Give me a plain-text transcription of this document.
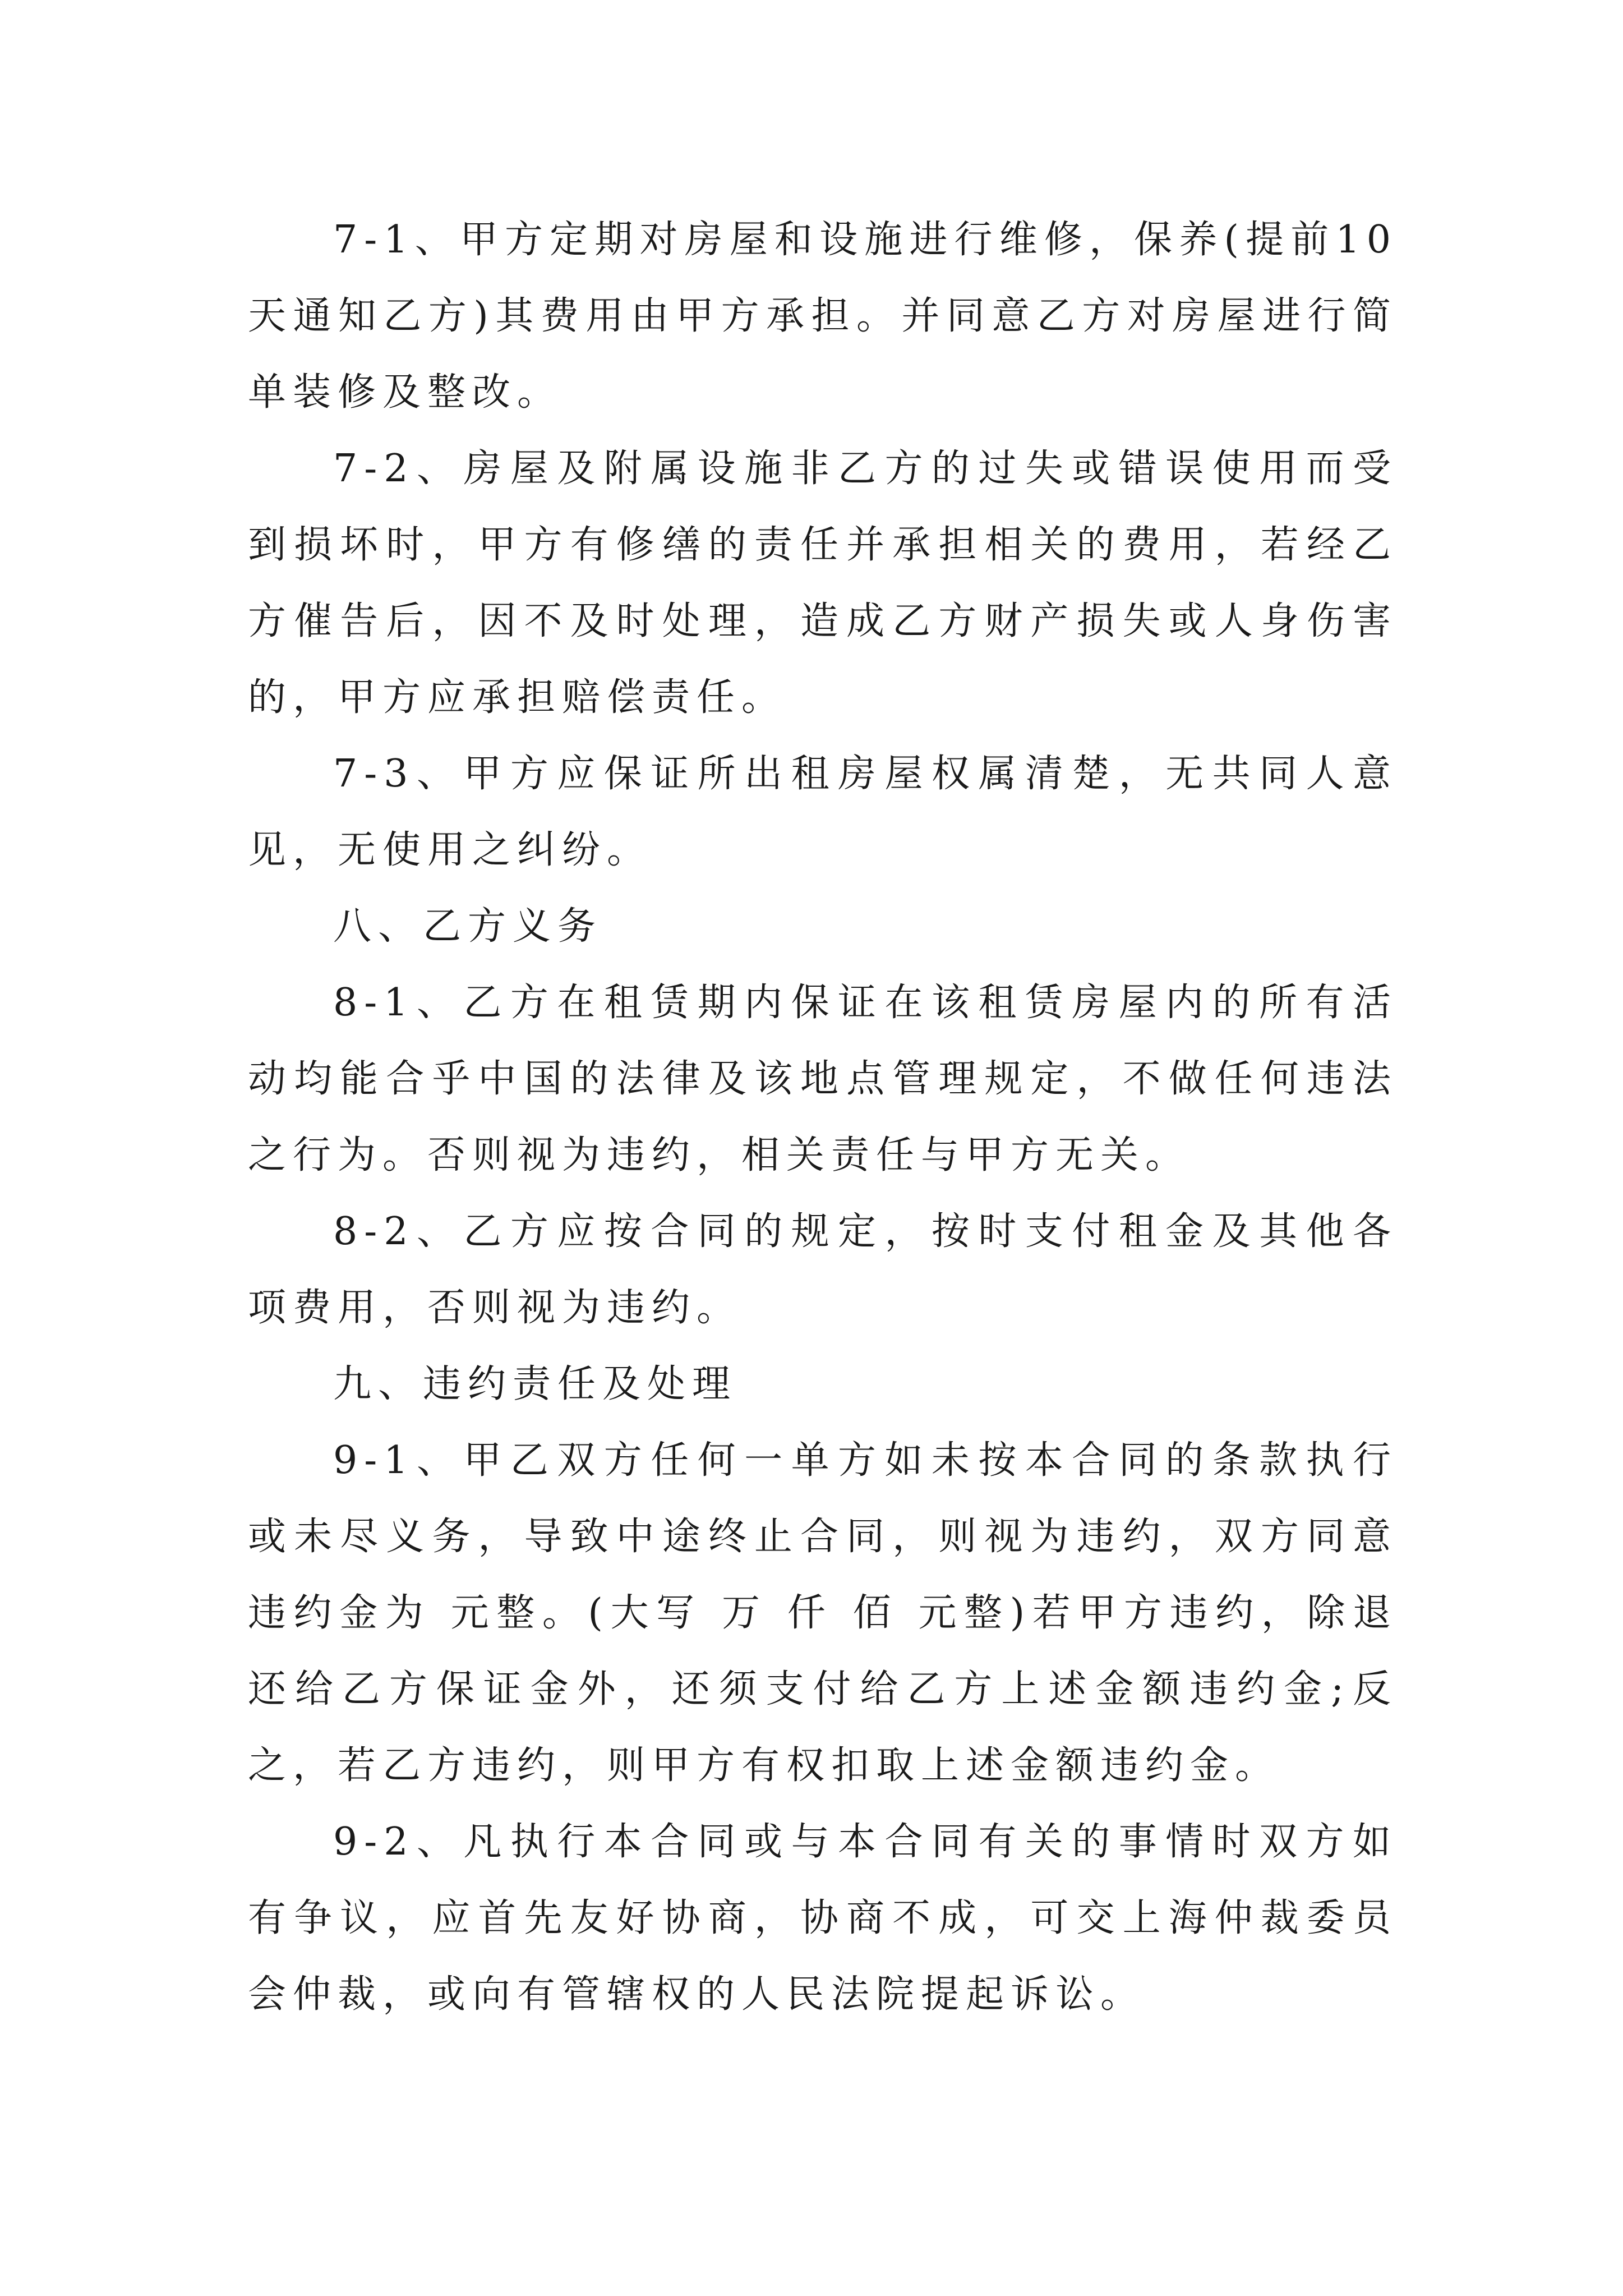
7-1、甲方定期对房屋和设施进行维修，保养(提前10天通知乙方)其费用由甲方承担。并同意乙方对房屋进行简单装修及整改。

7-2、房屋及附属设施非乙方的过失或错误使用而受到损坏时，甲方有修缮的责任并承担相关的费用，若经乙方催告后，因不及时处理，造成乙方财产损失或人身伤害的，甲方应承担赔偿责任。

7-3、甲方应保证所出租房屋权属清楚，无共同人意见，无使用之纠纷。

八、乙方义务

8-1、乙方在租赁期内保证在该租赁房屋内的所有活动均能合乎中国的法律及该地点管理规定，不做任何违法之行为。否则视为违约，相关责任与甲方无关。

8-2、乙方应按合同的规定，按时支付租金及其他各项费用，否则视为违约。

九、违约责任及处理

9-1、甲乙双方任何一单方如未按本合同的条款执行或未尽义务，导致中途终止合同，则视为违约，双方同意违约金为 元整。(大写 万 仟 佰 元整)若甲方违约，除退还给乙方保证金外，还须支付给乙方上述金额违约金;反之，若乙方违约，则甲方有权扣取上述金额违约金。

9-2、凡执行本合同或与本合同有关的事情时双方如有争议，应首先友好协商，协商不成，可交上海仲裁委员会仲裁，或向有管辖权的人民法院提起诉讼。
